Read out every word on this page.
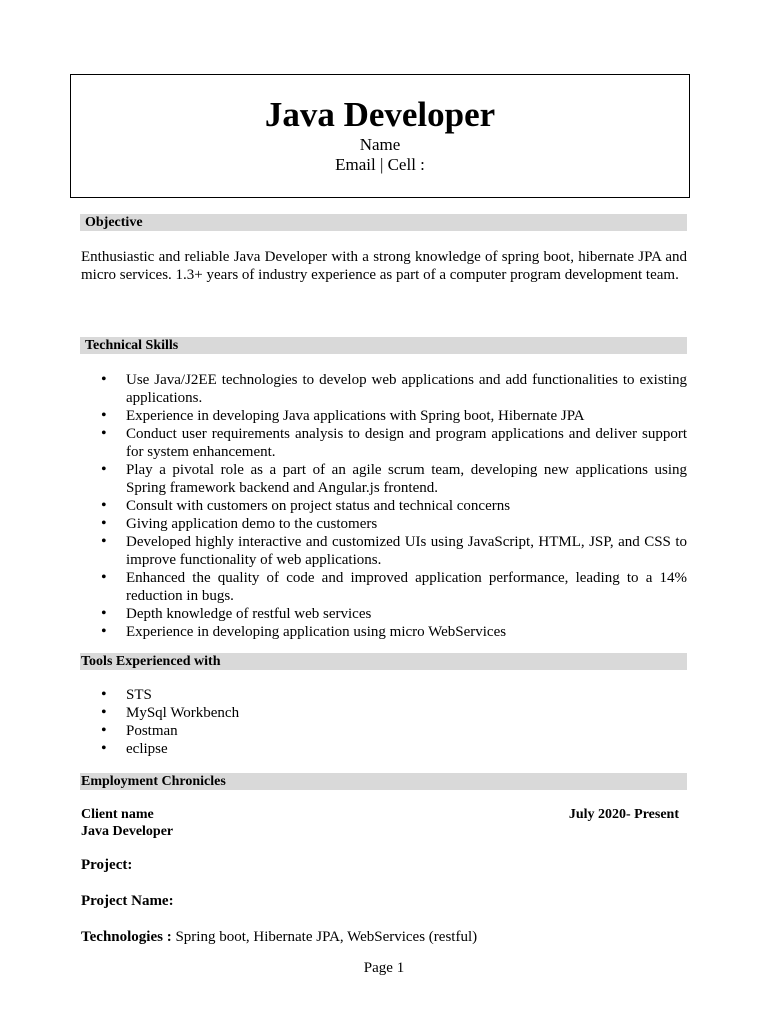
Java Developer
Name
Email | Cell :
Objective
Enthusiastic and reliable Java Developer with a strong knowledge of spring boot, hibernate JPA and micro services. 1.3+ years of industry experience as part of a computer program development team.
Technical Skills
• Use Java/J2EE technologies to develop web applications and add functionalities to existing applications.
• Experience in developing Java applications with Spring boot, Hibernate JPA
• Conduct user requirements analysis to design and program applications and deliver support for system enhancement.
• Play a pivotal role as a part of an agile scrum team, developing new applications using Spring framework backend and Angular.js frontend.
• Consult with customers on project status and technical concerns
• Giving application demo to the customers
• Developed highly interactive and customized UIs using JavaScript, HTML, JSP, and CSS to improve functionality of web applications.
• Enhanced the quality of code and improved application performance, leading to a 14% reduction in bugs.
• Depth knowledge of restful web services
• Experience in developing application using micro WebServices
Tools Experienced with
• STS
• MySql Workbench
• Postman
• eclipse
Employment Chronicles
Client name	July 2020- Present
Java Developer
Project:
Project Name:
Technologies : Spring boot, Hibernate JPA, WebServices (restful)
Page 1
